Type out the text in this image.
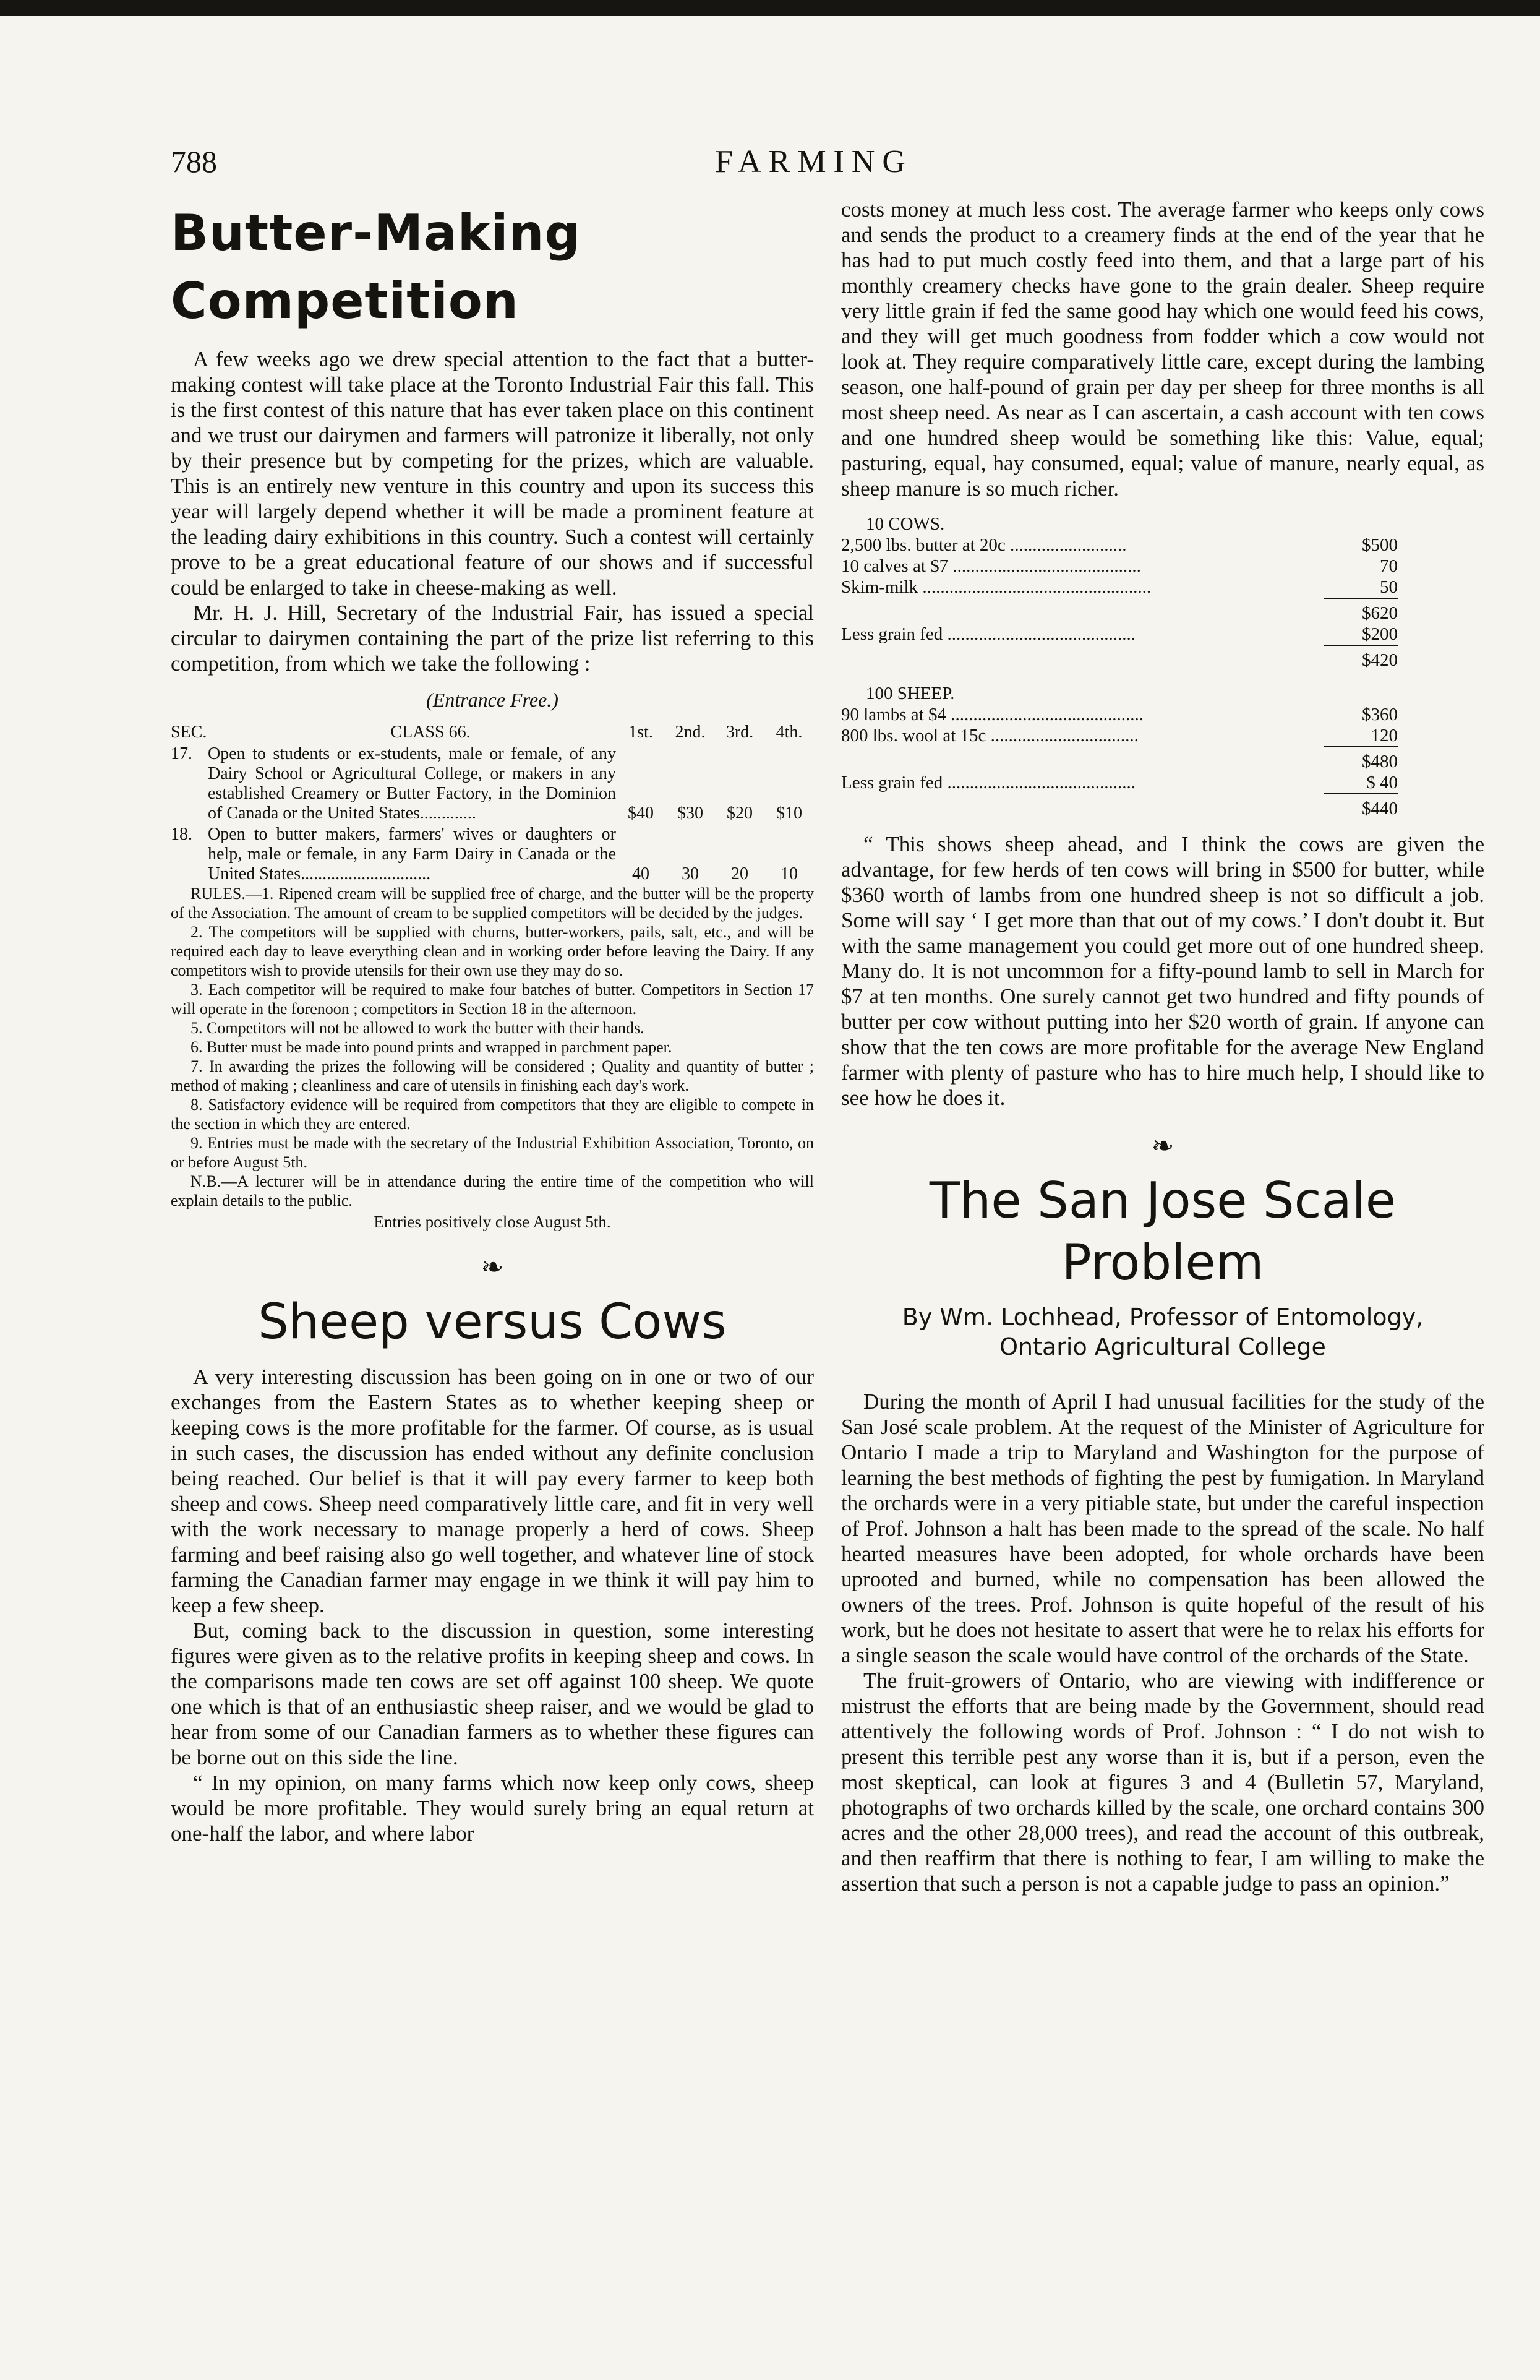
788	FARMING
Butter-Making Competition

A few weeks ago we drew special attention to the fact that a butter-making contest will take place at the Toronto Industrial Fair this fall. This is the first contest of this nature that has ever taken place on this continent and we trust our dairymen and farmers will patronize it liberally, not only by their presence but by competing for the prizes, which are valuable. This is an entirely new venture in this country and upon its success this year will largely depend whether it will be made a prominent feature at the leading dairy exhibitions in this country. Such a contest will certainly prove to be a great educational feature of our shows and if successful could be enlarged to take in cheese-making as well.

Mr. H. J. Hill, Secretary of the Industrial Fair, has issued a special circular to dairymen containing the part of the prize list referring to this competition, from which we take the following :

(Entrance Free.)
SEC.	CLASS 66.	1st.	2nd.	3rd.	4th.
17. Open to students or ex-students, male or female, of any Dairy School or Agricultural College, or makers in any established Creamery or Butter Factory, in the Dominion of Canada or the United States.............	$40	$30	$20	$10
18. Open to butter makers, farmers' wives or daughters or help, male or female, in any Farm Dairy in Canada or the United States..............................	40	30	20	10

RULES.—1. Ripened cream will be supplied free of charge, and the butter will be the property of the Association. The amount of cream to be supplied competitors will be decided by the judges.

2. The competitors will be supplied with churns, butter-workers, pails, salt, etc., and will be required each day to leave everything clean and in working order before leaving the Dairy. If any competitors wish to provide utensils for their own use they may do so.

3. Each competitor will be required to make four batches of butter. Competitors in Section 17 will operate in the forenoon ; competitors in Section 18 in the afternoon.

5. Competitors will not be allowed to work the butter with their hands.

6. Butter must be made into pound prints and wrapped in parchment paper.

7. In awarding the prizes the following will be considered ; Quality and quantity of butter ; method of making ; cleanliness and care of utensils in finishing each day's work.

8. Satisfactory evidence will be required from competitors that they are eligible to compete in the section in which they are entered.

9. Entries must be made with the secretary of the Industrial Exhibition Association, Toronto, on or before August 5th.

N.B.—A lecturer will be in attendance during the entire time of the competition who will explain details to the public.

Entries positively close August 5th.

❧
Sheep versus Cows

A very interesting discussion has been going on in one or two of our exchanges from the Eastern States as to whether keeping sheep or keeping cows is the more profitable for the farmer. Of course, as is usual in such cases, the discussion has ended without any definite conclusion being reached. Our belief is that it will pay every farmer to keep both sheep and cows. Sheep need comparatively little care, and fit in very well with the work necessary to manage properly a herd of cows. Sheep farming and beef raising also go well together, and whatever line of stock farming the Canadian farmer may engage in we think it will pay him to keep a few sheep.

But, coming back to the discussion in question, some interesting figures were given as to the relative profits in keeping sheep and cows. In the comparisons made ten cows are set off against 100 sheep. We quote one which is that of an enthusiastic sheep raiser, and we would be glad to hear from some of our Canadian farmers as to whether these figures can be borne out on this side the line.

“ In my opinion, on many farms which now keep only cows, sheep would be more profitable. They would surely bring an equal return at one-half the labor, and where labor

costs money at much less cost. The average farmer who keeps only cows and sends the product to a creamery finds at the end of the year that he has had to put much costly feed into them, and that a large part of his monthly creamery checks have gone to the grain dealer. Sheep require very little grain if fed the same good hay which one would feed his cows, and they will get much goodness from fodder which a cow would not look at. They require comparatively little care, except during the lambing season, one half-pound of grain per day per sheep for three months is all most sheep need. As near as I can ascertain, a cash account with ten cows and one hundred sheep would be something like this: Value, equal; pasturing, equal, hay consumed, equal; value of manure, nearly equal, as sheep manure is so much richer.

10 COWS.
2,500 lbs. butter at 20c ..........................	$500
10 calves at $7 ..........................................	70
Skim-milk ...................................................	50
$620
Less grain fed ..........................................	$200
$420
100 SHEEP.
90 lambs at $4 ...........................................	$360
800 lbs. wool at 15c .................................	120
$480
Less grain fed ..........................................	$ 40
$440

“ This shows sheep ahead, and I think the cows are given the advantage, for few herds of ten cows will bring in $500 for butter, while $360 worth of lambs from one hundred sheep is not so difficult a job. Some will say ‘ I get more than that out of my cows.’ I don't doubt it. But with the same management you could get more out of one hundred sheep. Many do. It is not uncommon for a fifty-pound lamb to sell in March for $7 at ten months. One surely cannot get two hundred and fifty pounds of butter per cow without putting into her $20 worth of grain. If anyone can show that the ten cows are more profitable for the average New England farmer with plenty of pasture who has to hire much help, I should like to see how he does it.

❧
The San Jose Scale Problem
By Wm. Lochhead, Professor of Entomology,
Ontario Agricultural College

During the month of April I had unusual facilities for the study of the San José scale problem. At the request of the Minister of Agriculture for Ontario I made a trip to Maryland and Washington for the purpose of learning the best methods of fighting the pest by fumigation. In Maryland the orchards were in a very pitiable state, but under the careful inspection of Prof. Johnson a halt has been made to the spread of the scale. No half hearted measures have been adopted, for whole orchards have been uprooted and burned, while no compensation has been allowed the owners of the trees. Prof. Johnson is quite hopeful of the result of his work, but he does not hesitate to assert that were he to relax his efforts for a single season the scale would have control of the orchards of the State.

The fruit-growers of Ontario, who are viewing with indifference or mistrust the efforts that are being made by the Government, should read attentively the following words of Prof. Johnson : “ I do not wish to present this terrible pest any worse than it is, but if a person, even the most skeptical, can look at figures 3 and 4 (Bulletin 57, Maryland, photographs of two orchards killed by the scale, one orchard contains 300 acres and the other 28,000 trees), and read the account of this outbreak, and then reaffirm that there is nothing to fear, I am willing to make the assertion that such a person is not a capable judge to pass an opinion.”
